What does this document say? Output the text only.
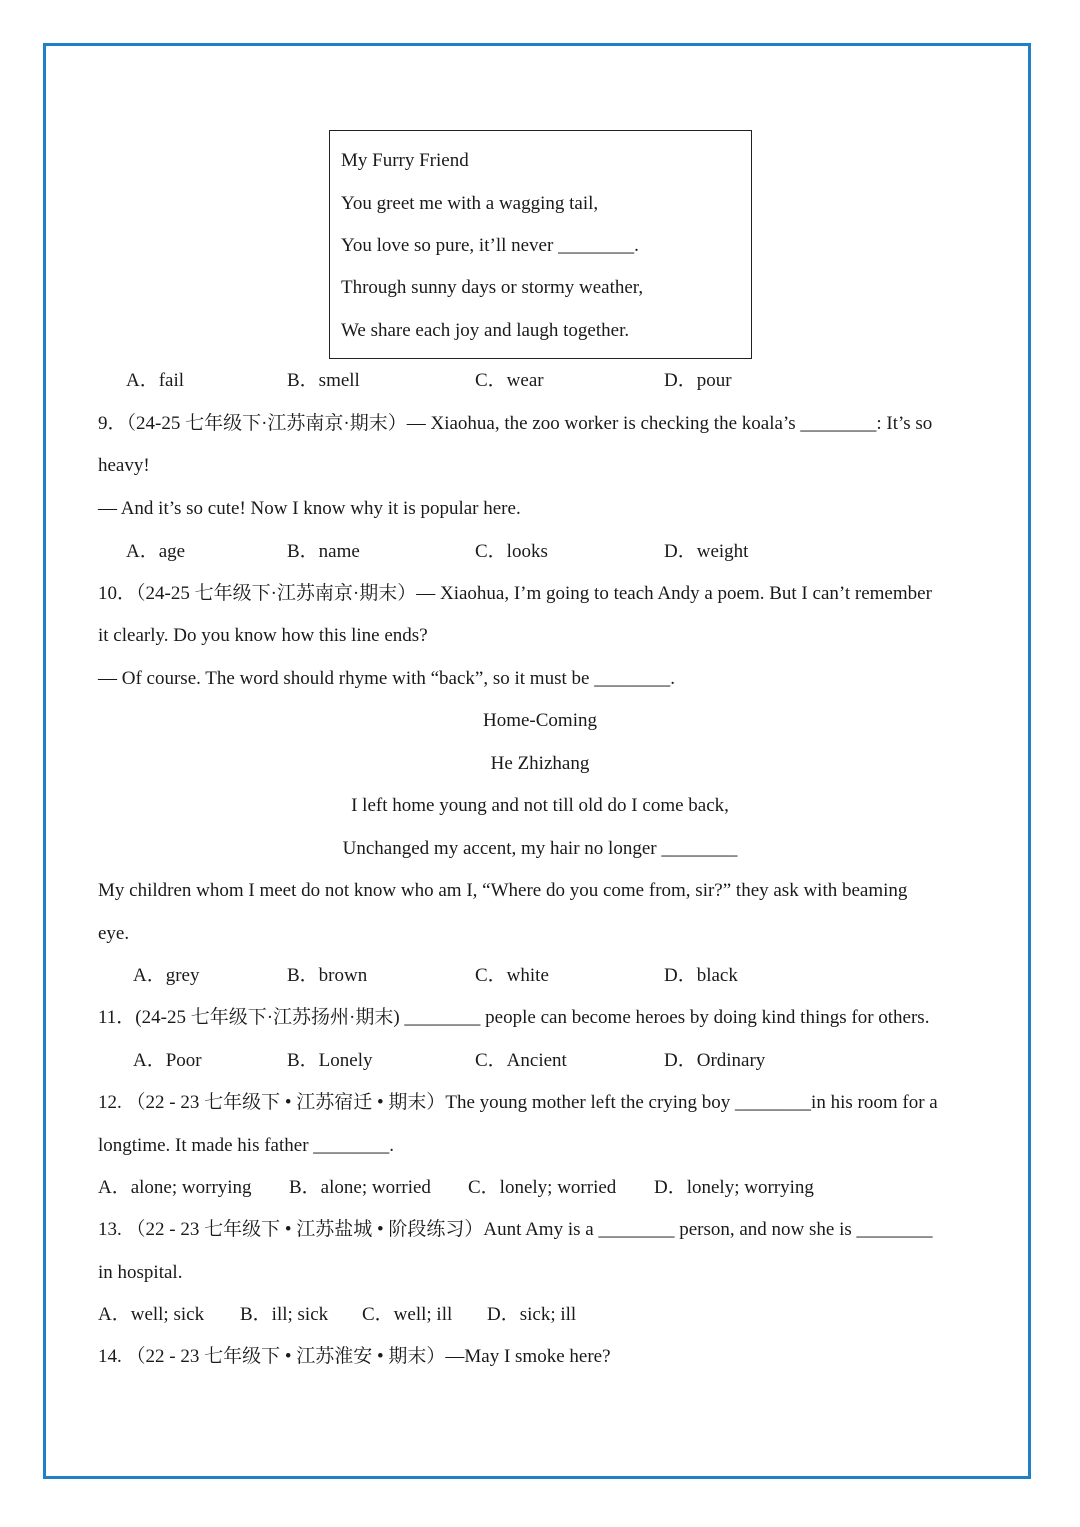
My Furry Friend
You greet me with a wagging tail,
You love so pure, it’ll never ________.
Through sunny days or stormy weather,
We share each joy and laugh together.
A．fail	B．smell	C．wear	D．pour
9．（24-25 七年级下·江苏南京·期末）— Xiaohua, the zoo worker is checking the koala’s ________: It’s so
heavy!
— And it’s so cute! Now I know why it is popular here.
A．age	B．name	C．looks	D．weight
10．（24-25 七年级下·江苏南京·期末）— Xiaohua, I’m going to teach Andy a poem. But I can’t remember
it clearly. Do you know how this line ends?
— Of course. The word should rhyme with “back”, so it must be ________.
Home-Coming
He Zhizhang
I left home young and not till old do I come back,
Unchanged my accent, my hair no longer ________
My children whom I meet do not know who am I, “Where do you come from, sir?” they ask with beaming
eye.
A．grey	B．brown	C．white	D．black
11．(24-25 七年级下·江苏扬州·期末) ________ people can become heroes by doing kind things for others.
A．Poor	B．Lonely	C．Ancient	D．Ordinary
12. （22 - 23 七年级下 • 江苏宿迁 • 期末）The young mother left the crying boy ________in his room for a
longtime. It made his father ________.
A．alone; worrying B．alone; worried C．lonely; worried D．lonely; worrying
13. （22 - 23 七年级下 • 江苏盐城 • 阶段练习）Aunt Amy is a ________ person, and now she is ________
in hospital.
A．well; sick B．ill; sick C．well; ill D．sick; ill
14. （22 - 23 七年级下 • 江苏淮安 • 期末）—May I smoke here?
